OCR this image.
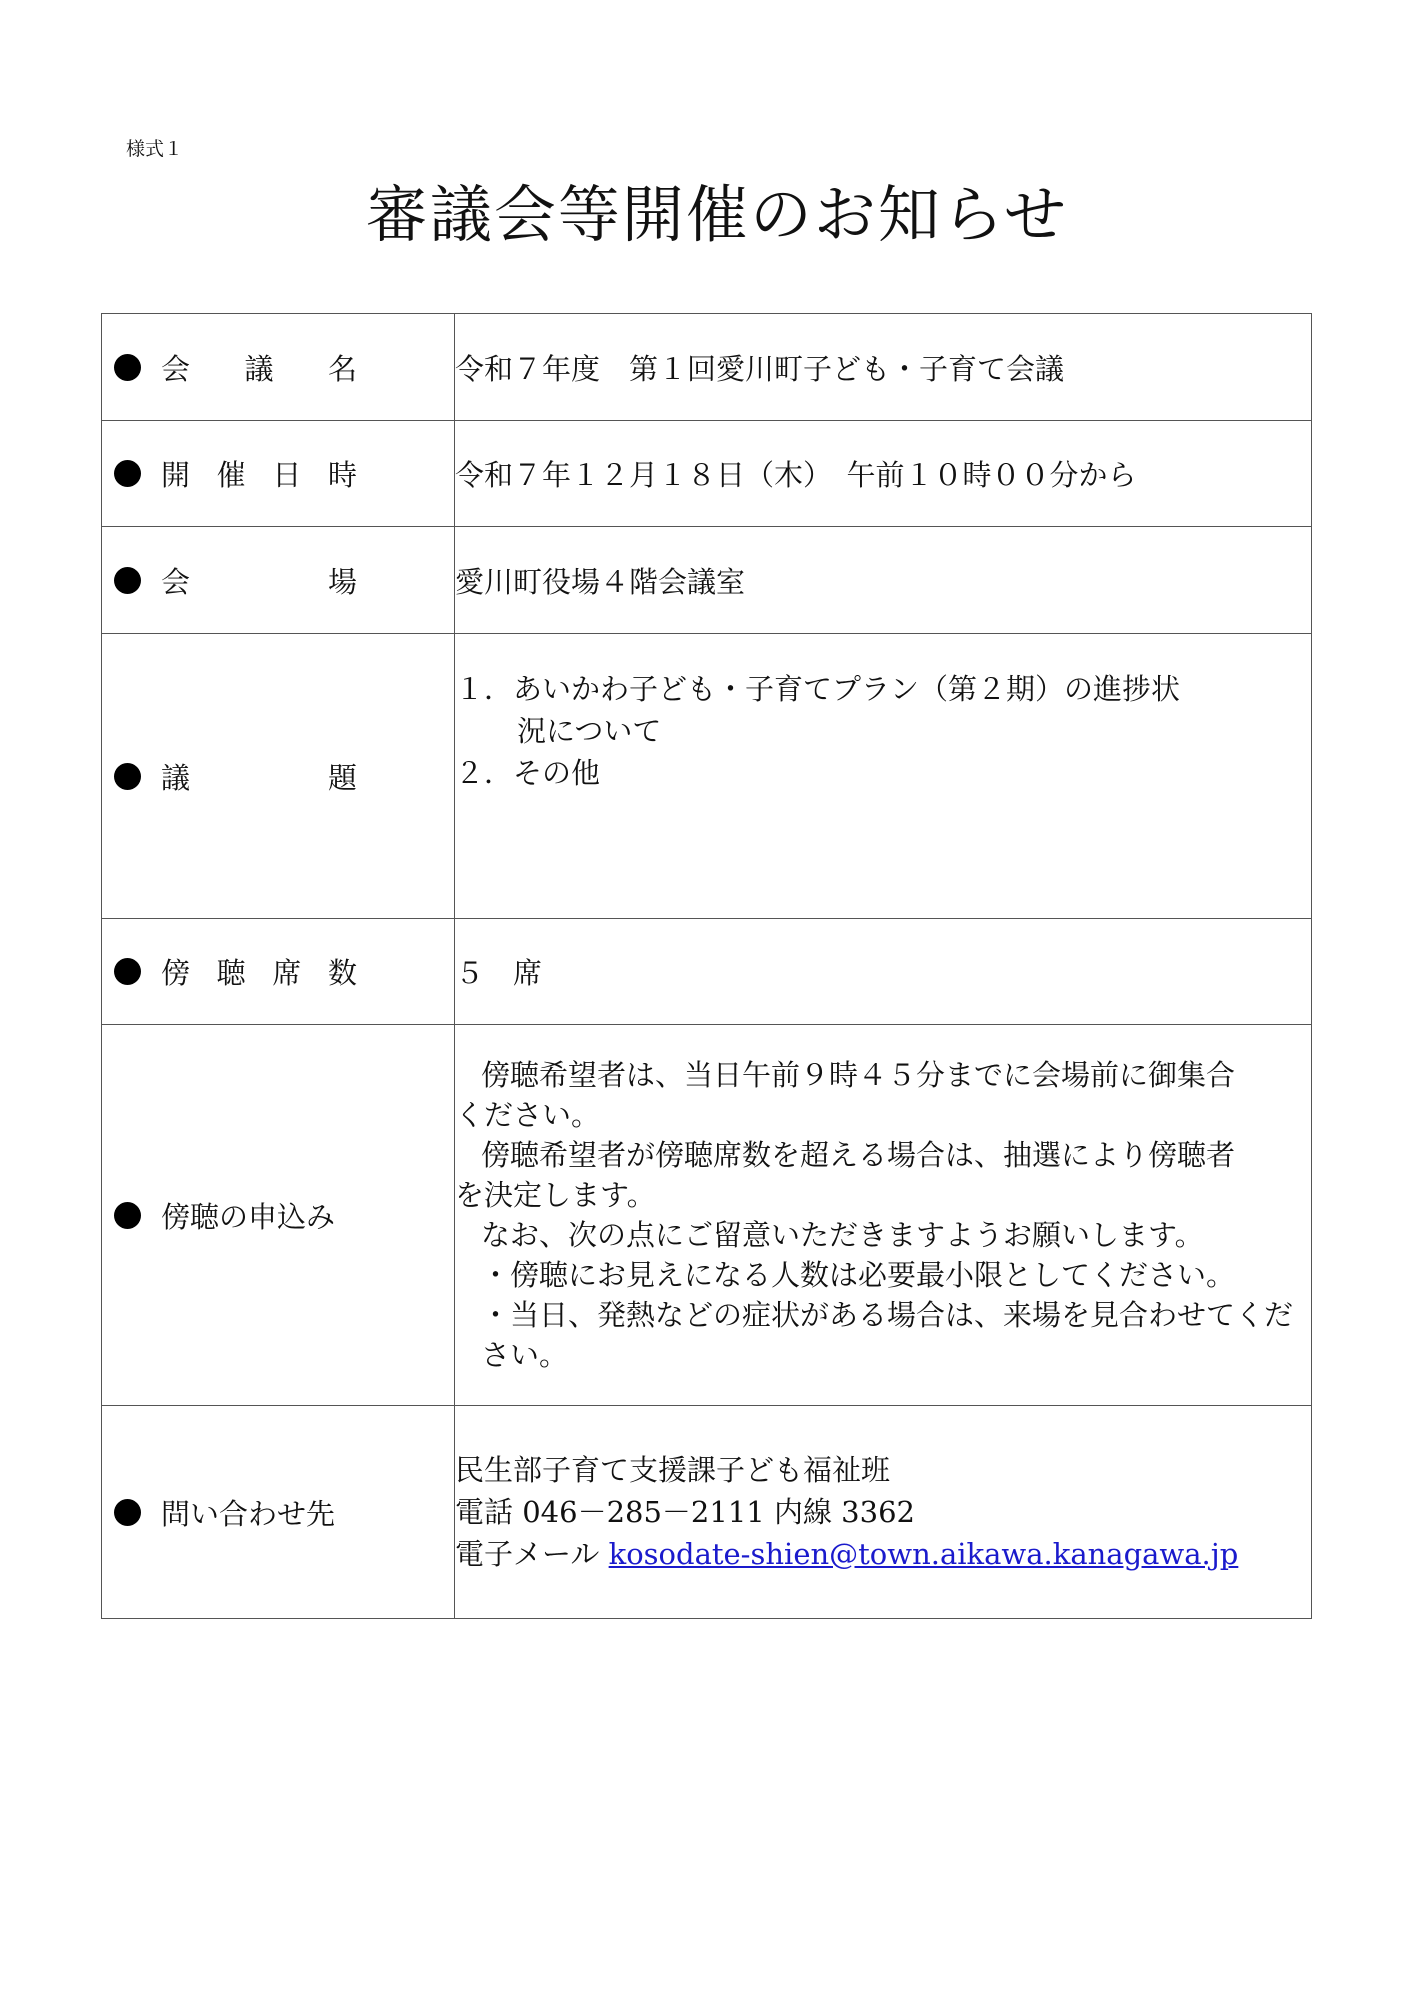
様式１
審議会等開催のお知らせ
会 議 名	令和７年度　第１回愛川町子ども・子育て会議

開 催 日 時	令和７年１２月１８日（木）　午前１０時００分から

会 場	愛川町役場４階会議室

議 題	１．あいかわ子ども・子育てプラン（第２期）の進捗状
況について
２．その他

傍 聴 席 数	５　席

傍聴の申込み

傍聴希望者は、当日午前９時４５分までに会場前に御集合
ください。
傍聴希望者が傍聴席数を超える場合は、抽選により傍聴者
を決定します。
なお、次の点にご留意いただきますようお願いします。
・傍聴にお見えになる人数は必要最小限としてください。
・当日、発熱などの症状がある場合は、来場を見合わせてくだ
さい。

問い合わせ先	民生部子育て支援課子ども福祉班
電話 046－285－2111 内線 3362
電子メール kosodate-shien@town.aikawa.kanagawa.jp
